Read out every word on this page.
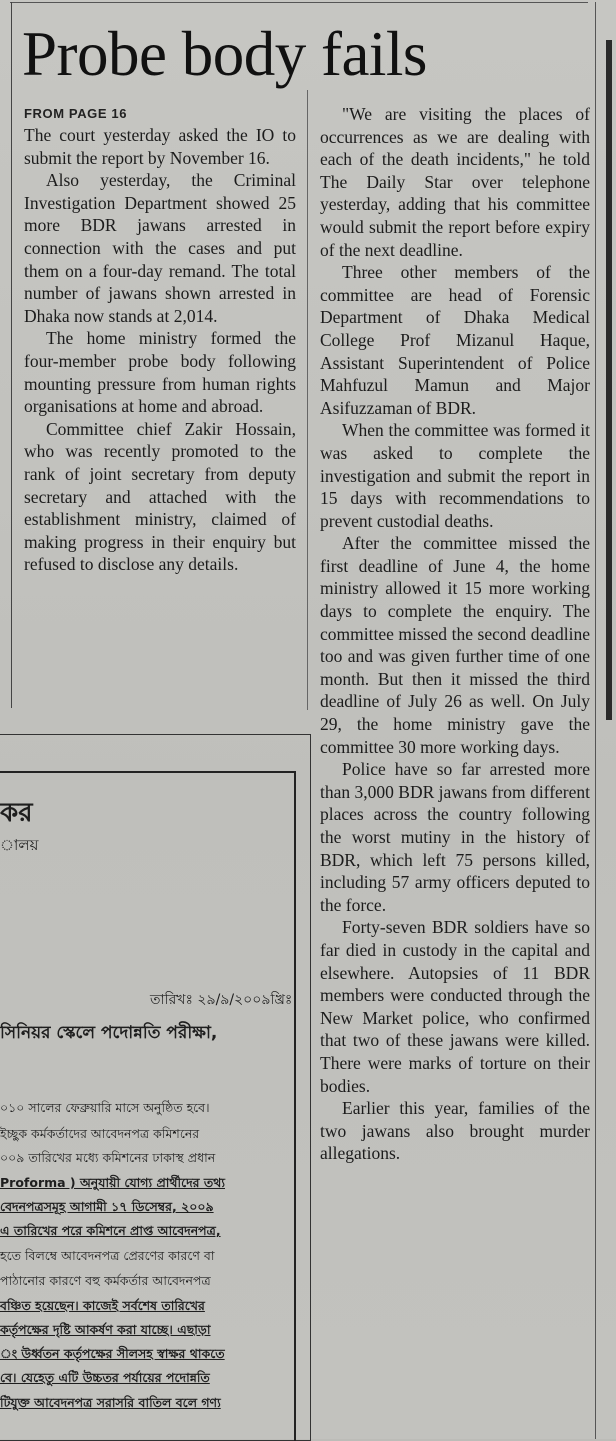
Probe body fails
FROM PAGE 16

The court yesterday asked the IO to submit the report by November 16.

Also yesterday, the Criminal Investigation Department showed 25 more BDR jawans arrested in connection with the cases and put them on a four-day remand. The total number of jawans shown arrested in Dhaka now stands at 2,014.

The home ministry formed the four-member probe body following mounting pressure from human rights organisations at home and abroad.

Committee chief Zakir Hossain, who was recently promoted to the rank of joint secretary from deputy secretary and attached with the establishment ministry, claimed of making progress in their enquiry but refused to disclose any details.

"We are visiting the places of occurrences as we are dealing with each of the death incidents," he told The Daily Star over telephone yesterday, adding that his committee would submit the report before expiry of the next deadline.

Three other members of the committee are head of Forensic Department of Dhaka Medical College Prof Mizanul Haque, Assistant Superintendent of Police Mahfuzul Mamun and Major Asifuzzaman of BDR.

When the committee was formed it was asked to complete the investigation and submit the report in 15 days with recommendations to prevent custodial deaths.

After the committee missed the first deadline of June 4, the home ministry allowed it 15 more working days to complete the enquiry. The committee missed the second deadline too and was given further time of one month. But then it missed the third deadline of July 26 as well. On July 29, the home ministry gave the committee 30 more working days.

Police have so far arrested more than 3,000 BDR jawans from different places across the country following the worst mutiny in the history of BDR, which left 75 persons killed, including 57 army officers deputed to the force.

Forty-seven BDR soldiers have so far died in custody in the capital and elsewhere. Autopsies of 11 BDR members were conducted through the New Market police, who confirmed that two of these jawans were killed. There were marks of torture on their bodies.

Earlier this year, families of the two jawans also brought murder allegations.

কর
ালয়
তারিখঃ ২৯/৯/২০০৯খ্রিঃ
সিনিয়র স্কেলে পদোন্নতি পরীক্ষা,
০১০ সালের ফেব্রুয়ারি মাসে অনুষ্ঠিত হবে।
ইচ্ছুক কর্মকর্তাদের আবেদনপত্র কমিশনের
০০৯ তারিখের মধ্যে কমিশনের ঢাকাস্থ প্রধান
Proforma ) অনুযায়ী যোগ্য প্রার্থীদের তথ্য
বেদনপত্রসমূহ আগামী ১৭ ডিসেম্বর, ২০০৯
এ তারিখের পরে কমিশনে প্রাপ্ত আবেদনপত্র,
হতে বিলম্বে আবেদনপত্র প্রেরণের কারণে বা
পাঠানোর কারণে বহু কর্মকর্তার আবেদনপত্র
বঞ্চিত হয়েছেন। কাজেই সর্বশেষ তারিখের
কর্তৃপক্ষের দৃষ্টি আকর্ষণ করা যাচ্ছে। এছাড়া
ং উর্ধ্বতন কর্তৃপক্ষের সীলসহ স্বাক্ষর থাকতে
বে। যেহেতু এটি উচ্চতর পর্যায়ের পদোন্নতি
টিযুক্ত আবেদনপত্র সরাসরি বাতিল বলে গণ্য
